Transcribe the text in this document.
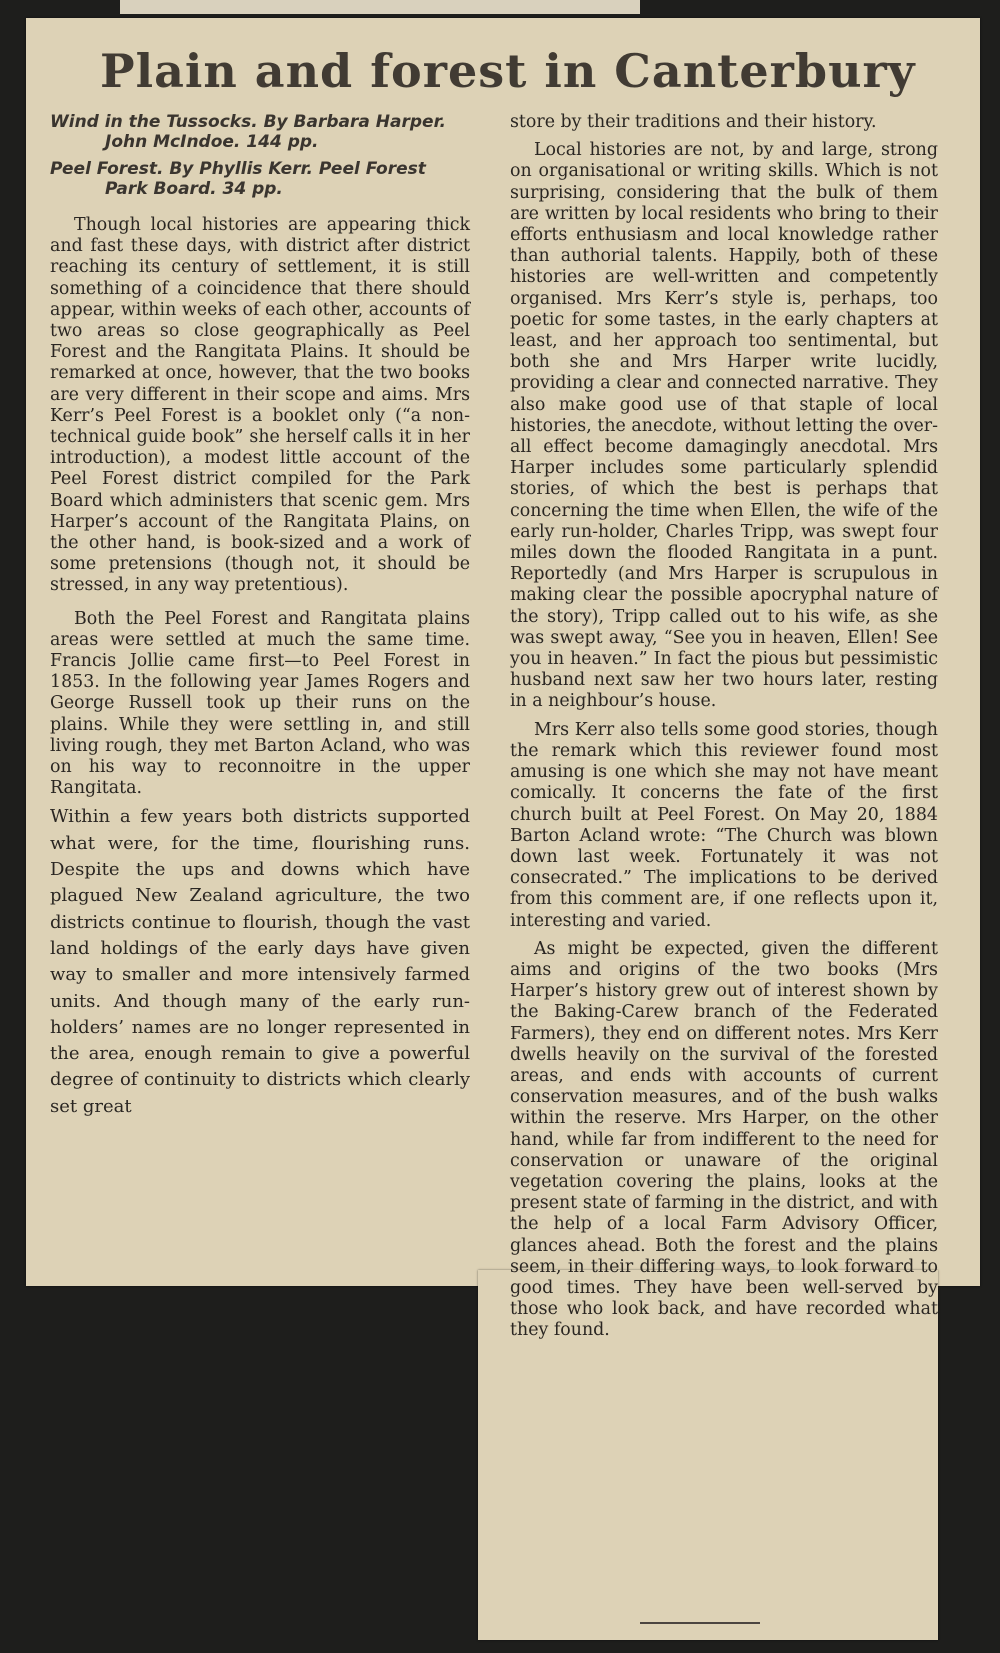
Plain and forest in Canterbury

Wind in the Tussocks. By Barbara Harper. John McIndoe. 144 pp.

Peel Forest. By Phyllis Kerr. Peel Forest Park Board. 34 pp.

Though local histories are appearing thick and fast these days, with district after district reaching its century of settlement, it is still something of a coincidence that there should appear, within weeks of each other, accounts of two areas so close geographically as Peel Forest and the Rangitata Plains. It should be remarked at once, however, that the two books are very different in their scope and aims. Mrs Kerr’s Peel Forest is a booklet only (“a non-technical guide book” she herself calls it in her introduction), a modest little account of the Peel Forest district compiled for the Park Board which administers that scenic gem. Mrs Harper’s account of the Rangitata Plains, on the other hand, is book-sized and a work of some pretensions (though not, it should be stressed, in any way pretentious).

Both the Peel Forest and Rangitata plains areas were settled at much the same time. Francis Jollie came first—to Peel Forest in 1853. In the following year James Rogers and George Russell took up their runs on the plains. While they were settling in, and still living rough, they met Barton Acland, who was on his way to reconnoitre in the upper Rangitata.

Within a few years both districts supported what were, for the time, flourishing runs. Despite the ups and downs which have plagued New Zealand agriculture, the two districts continue to flourish, though the vast land holdings of the early days have given way to smaller and more intensively farmed units. And though many of the early run-holders’ names are no longer represented in the area, enough remain to give a powerful degree of continuity to districts which clearly set great

store by their traditions and their history.

Local histories are not, by and large, strong on organisational or writing skills. Which is not surprising, considering that the bulk of them are written by local residents who bring to their efforts enthusiasm and local knowledge rather than authorial talents. Happily, both of these histories are well-written and competently organised. Mrs Kerr’s style is, perhaps, too poetic for some tastes, in the early chapters at least, and her approach too sentimental, but both she and Mrs Harper write lucidly, providing a clear and connected narrative. They also make good use of that staple of local histories, the anecdote, without letting the over-all effect become damagingly anecdotal. Mrs Harper includes some particularly splendid stories, of which the best is perhaps that concerning the time when Ellen, the wife of the early run-holder, Charles Tripp, was swept four miles down the flooded Rangitata in a punt. Reportedly (and Mrs Harper is scrupulous in making clear the possible apocryphal nature of the story), Tripp called out to his wife, as she was swept away, “See you in heaven, Ellen! See you in heaven.” In fact the pious but pessimistic husband next saw her two hours later, resting in a neighbour’s house.

Mrs Kerr also tells some good stories, though the remark which this reviewer found most amusing is one which she may not have meant comically. It concerns the fate of the first church built at Peel Forest. On May 20, 1884 Barton Acland wrote: “The Church was blown down last week. Fortunately it was not consecrated.” The implications to be derived from this comment are, if one reflects upon it, interesting and varied.

As might be expected, given the different aims and origins of the two books (Mrs Harper’s history grew out of interest shown by the Baking-Carew branch of the Federated Farmers), they end on different notes. Mrs Kerr dwells heavily on the survival of the forested areas, and ends with accounts of current conservation measures, and of the bush walks within the reserve. Mrs Harper, on the other hand, while far from indifferent to the need for conservation or unaware of the original vegetation covering the plains, looks at the present state of farming in the district, and with the help of a local Farm Advisory Officer, glances ahead. Both the forest and the plains seem, in their differing ways, to look forward to good times. They have been well-served by those who look back, and have recorded what they found.
